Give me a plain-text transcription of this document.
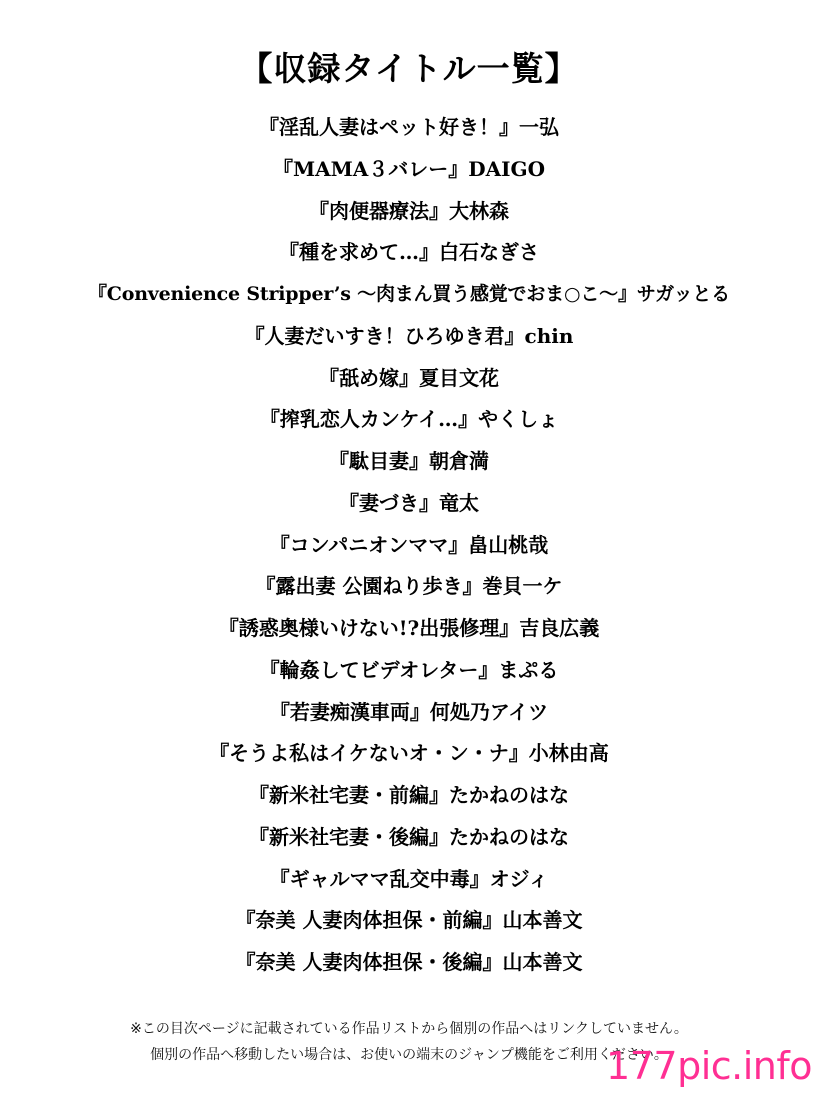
【収録タイトル一覧】
『淫乱人妻はペット好き！』一弘
『MAMA３バレー』DAIGO
『肉便器療法』大林森
『種を求めて…』白石なぎさ
『Convenience Stripper’s 〜肉まん買う感覚でおま○こ〜』サガッとる
『人妻だいすき！ひろゆき君』chin
『舐め嫁』夏目文花
『搾乳恋人カンケイ…』やくしょ
『駄目妻』朝倉満
『妻づき』竜太
『コンパニオンママ』畠山桃哉
『露出妻 公園ねり歩き』巻貝一ケ
『誘惑奥様いけない!?出張修理』吉良広義
『輪姦してビデオレター』まぷる
『若妻痴漢車両』何処乃アイツ
『そうよ私はイケないオ・ン・ナ』小林由高
『新米社宅妻・前編』たかねのはな
『新米社宅妻・後編』たかねのはな
『ギャルママ乱交中毒』オジィ
『奈美 人妻肉体担保・前編』山本善文
『奈美 人妻肉体担保・後編』山本善文
※この目次ページに記載されている作品リストから個別の作品へはリンクしていません。
個別の作品へ移動したい場合は、お使いの端末のジャンプ機能をご利用ください。
177pic.info
